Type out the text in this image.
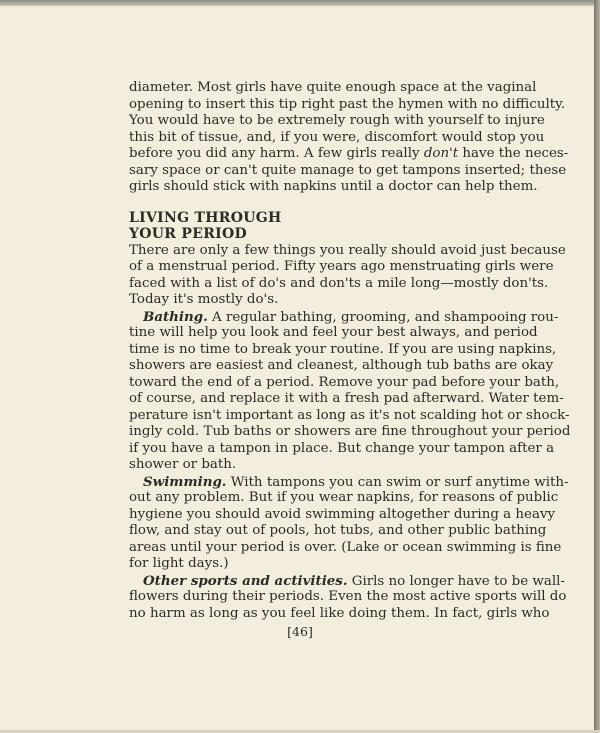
diameter. Most girls have quite enough space at the vaginal
opening to insert this tip right past the hymen with no difficulty.
You would have to be extremely rough with yourself to injure
this bit of tissue, and, if you were, discomfort would stop you
before you did any harm. A few girls really don't have the neces-
sary space or can't quite manage to get tampons inserted; these
girls should stick with napkins until a doctor can help them.
LIVING THROUGH
YOUR PERIOD
There are only a few things you really should avoid just because
of a menstrual period. Fifty years ago menstruating girls were
faced with a list of do's and don'ts a mile long—mostly don'ts.
Today it's mostly do's.
Bathing. A regular bathing, grooming, and shampooing rou-
tine will help you look and feel your best always, and period
time is no time to break your routine. If you are using napkins,
showers are easiest and cleanest, although tub baths are okay
toward the end of a period. Remove your pad before your bath,
of course, and replace it with a fresh pad afterward. Water tem-
perature isn't important as long as it's not scalding hot or shock-
ingly cold. Tub baths or showers are fine throughout your period
if you have a tampon in place. But change your tampon after a
shower or bath.
Swimming. With tampons you can swim or surf anytime with-
out any problem. But if you wear napkins, for reasons of public
hygiene you should avoid swimming altogether during a heavy
flow, and stay out of pools, hot tubs, and other public bathing
areas until your period is over. (Lake or ocean swimming is fine
for light days.)
Other sports and activities. Girls no longer have to be wall-
flowers during their periods. Even the most active sports will do
no harm as long as you feel like doing them. In fact, girls who
[46]
